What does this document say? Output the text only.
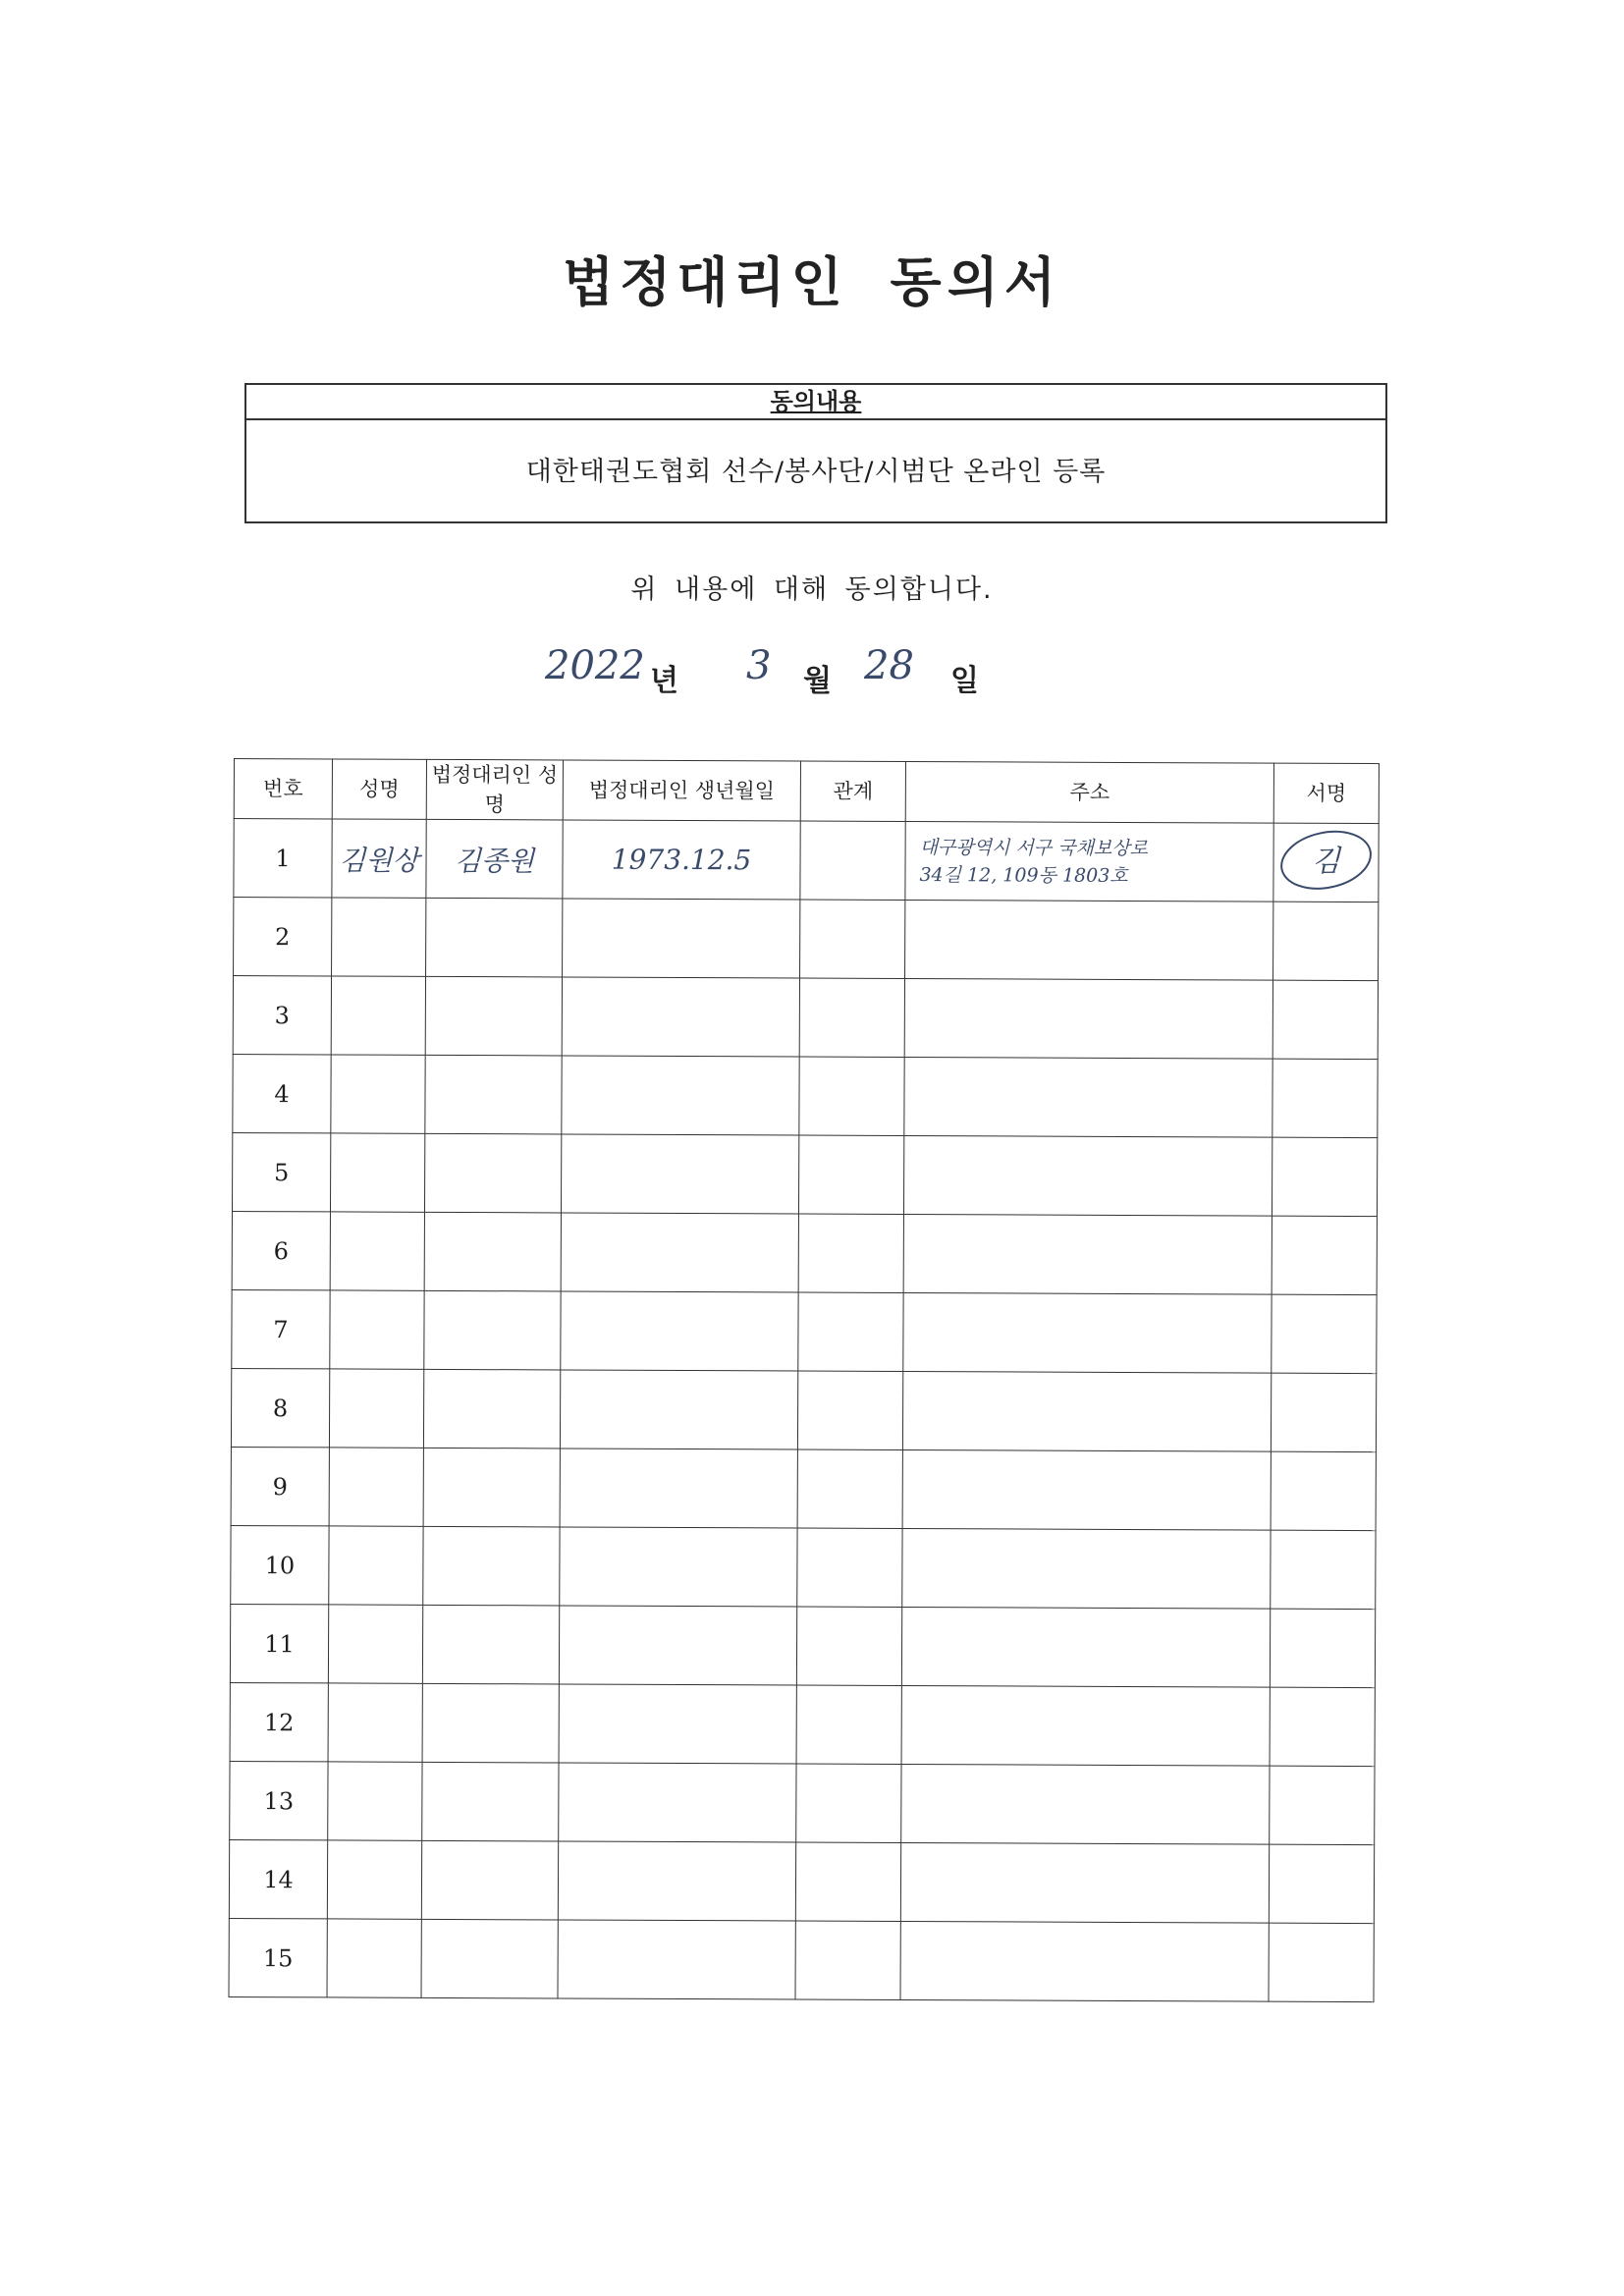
법정대리인 동의서
동의내용
대한태권도협회 선수/봉사단/시범단 온라인 등록
위 내용에 대해 동의합니다.
2022 년 3 월 28 일
번호	성명	법정대리인 성명	법정대리인 생년월일	관계	주소	서명
1	김원상	김종원	1973.12.5		대구광역시 서구 국채보상로
34길 12, 109동 1803호	김

2					

3					

4					

5					

6					

7					

8					

9					

10					

11					

12					

13					

14					

15					
